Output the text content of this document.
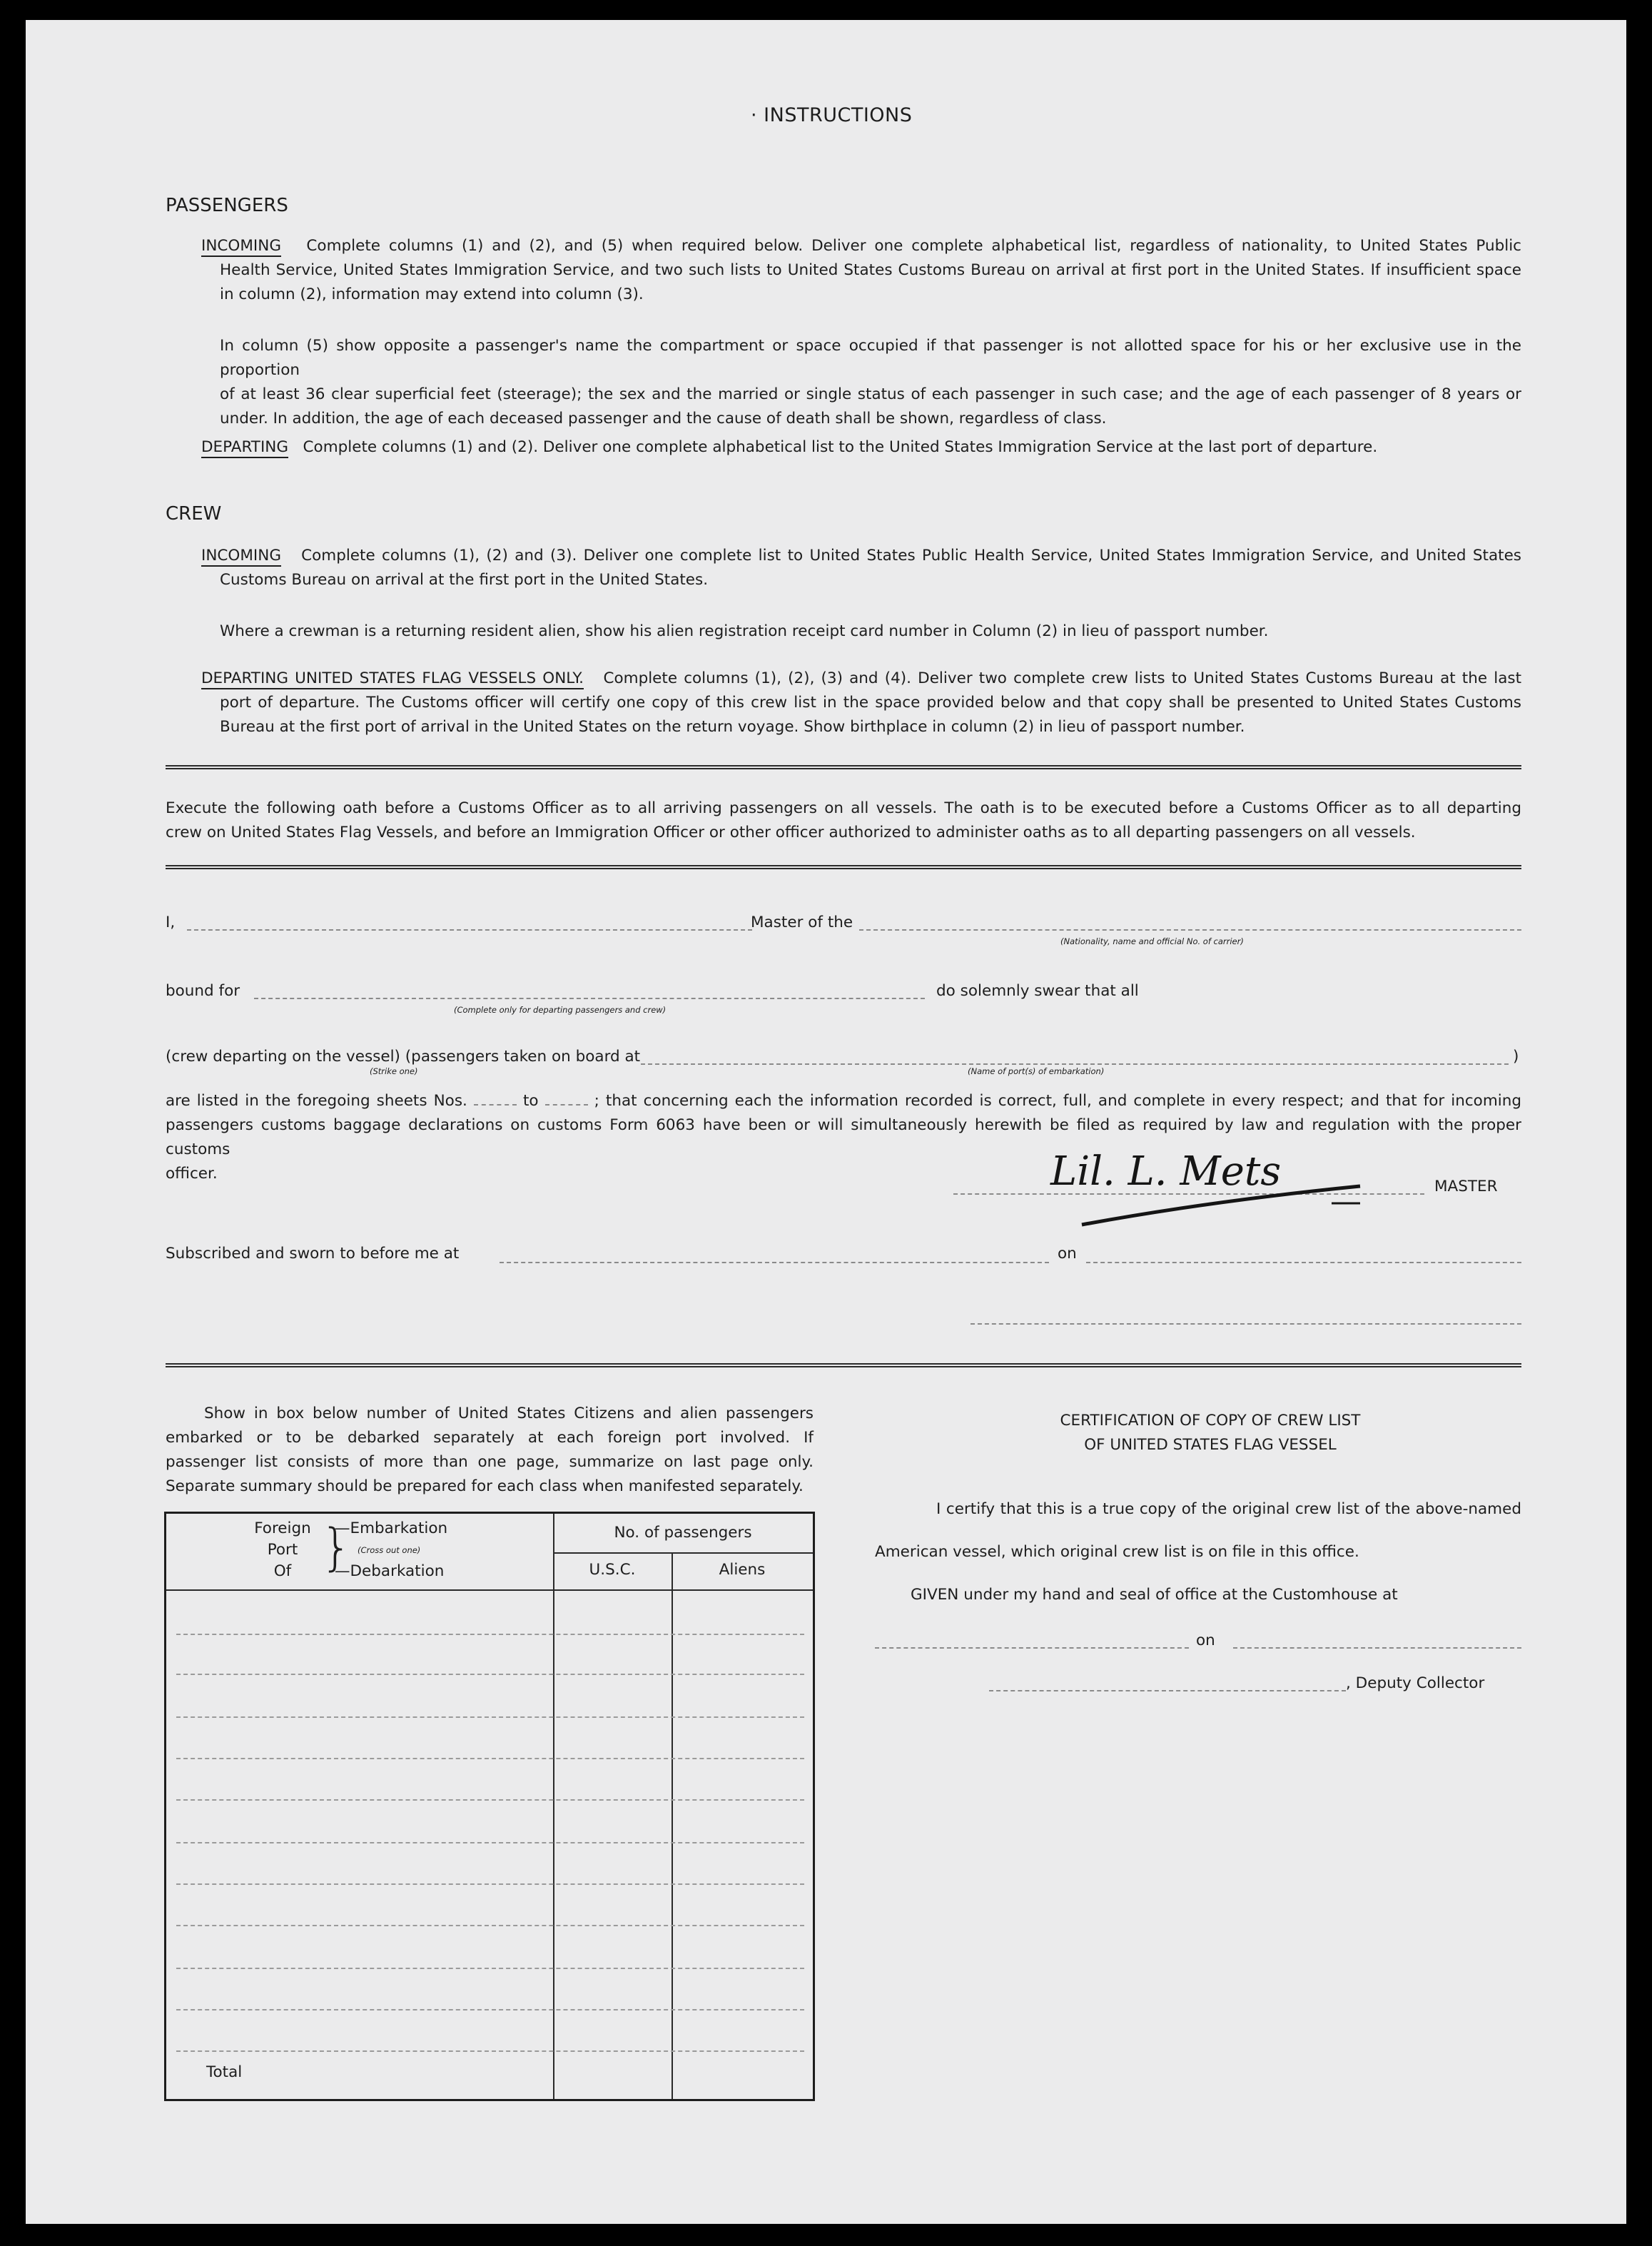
· INSTRUCTIONS
PASSENGERS
INCOMING Complete columns (1) and (2), and (5) when required below. Deliver one complete alphabetical list, regardless of nationality, to United States Public
Health Service, United States Immigration Service, and two such lists to United States Customs Bureau on arrival at first port in the United States. If insufficient space
in column (2), information may extend into column (3).
In column (5) show opposite a passenger's name the compartment or space occupied if that passenger is not allotted space for his or her exclusive use in the proportion
of at least 36 clear superficial feet (steerage); the sex and the married or single status of each passenger in such case; and the age of each passenger of 8 years or
under. In addition, the age of each deceased passenger and the cause of death shall be shown, regardless of class.
DEPARTING Complete columns (1) and (2). Deliver one complete alphabetical list to the United States Immigration Service at the last port of departure.
CREW
INCOMING Complete columns (1), (2) and (3). Deliver one complete list to United States Public Health Service, United States Immigration Service, and United States
Customs Bureau on arrival at the first port in the United States.
Where a crewman is a returning resident alien, show his alien registration receipt card number in Column (2) in lieu of passport number.
DEPARTING UNITED STATES FLAG VESSELS ONLY. Complete columns (1), (2), (3) and (4). Deliver two complete crew lists to United States Customs Bureau at the last
port of departure. The Customs officer will certify one copy of this crew list in the space provided below and that copy shall be presented to United States Customs
Bureau at the first port of arrival in the United States on the return voyage. Show birthplace in column (2) in lieu of passport number.
Execute the following oath before a Customs Officer as to all arriving passengers on all vessels. The oath is to be executed before a Customs Officer as to all departing
crew on United States Flag Vessels, and before an Immigration Officer or other officer authorized to administer oaths as to all departing passengers on all vessels.
I,	Master of the
(Nationality, name and official No. of carrier)
bound for
(Complete only for departing passengers and crew)
do solemnly swear that all
(crew departing on the vessel) (passengers taken on board at
(Strike one)	(Name of port(s) of embarkation)
)
are listed in the foregoing sheets Nos.	to	; that concerning each the information recorded is correct, full, and complete in every respect; and that for incoming
passengers customs baggage declarations on customs Form 6063 have been or will simultaneously herewith be filed as required by law and regulation with the proper customs
officer.	Lil. L. Mets	MASTER
Subscribed and sworn to before me at	on
Show in box below number of United States Citizens and alien passengers
embarked or to be debarked separately at each foreign port involved. If
passenger list consists of more than one page, summarize on last page only.
Separate summary should be prepared for each class when manifested separately.
Foreign
Port
Of }
—Embarkation
(Cross out one)
—Debarkation
No. of passengers
U.S.C.	Aliens
Total
CERTIFICATION OF COPY OF CREW LIST
OF UNITED STATES FLAG VESSEL
I certify that this is a true copy of the original crew list of the above-named
American vessel, which original crew list is on file in this office.
GIVEN under my hand and seal of office at the Customhouse at
on
, Deputy Collector
